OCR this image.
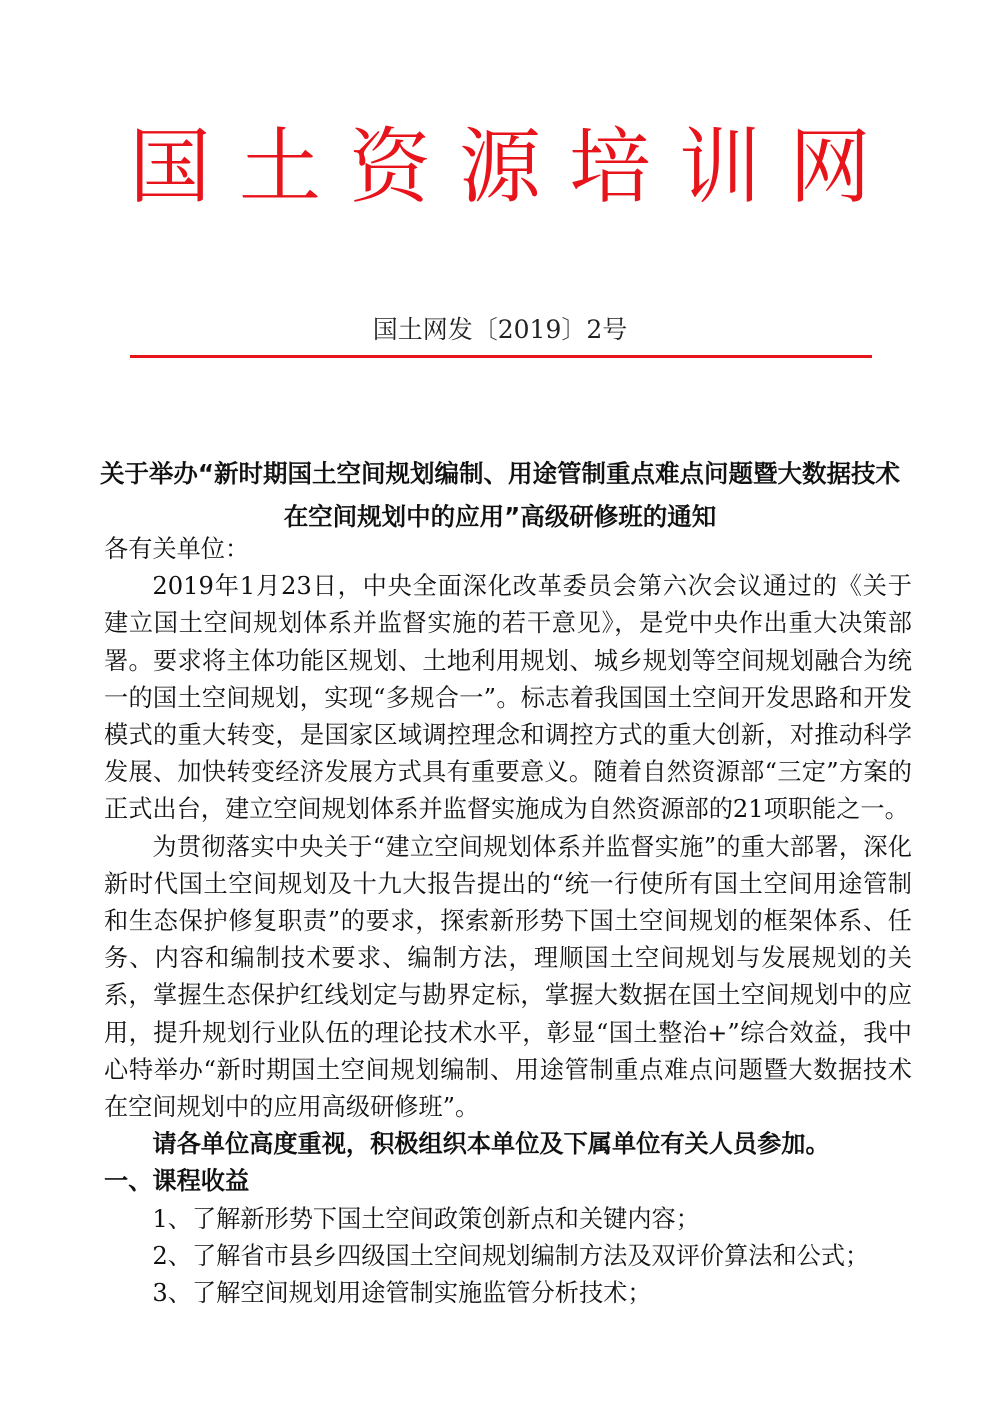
国土资源培训网
国土网发〔2019〕2号
关于举办“新时期国土空间规划编制、用途管制重点难点问题暨大数据技术在空间规划中的应用”高级研修班的通知

各有关单位：

2019年1月23日，中央全面深化改革委员会第六次会议通过的《关于建立国土空间规划体系并监督实施的若干意见》，是党中央作出重大决策部署。要求将主体功能区规划、土地利用规划、城乡规划等空间规划融合为统一的国土空间规划，实现“多规合一”。标志着我国国土空间开发思路和开发模式的重大转变，是国家区域调控理念和调控方式的重大创新，对推动科学发展、加快转变经济发展方式具有重要意义。随着自然资源部“三定”方案的正式出台，建立空间规划体系并监督实施成为自然资源部的21项职能之一。

为贯彻落实中央关于“建立空间规划体系并监督实施”的重大部署，深化新时代国土空间规划及十九大报告提出的“统一行使所有国土空间用途管制和生态保护修复职责”的要求，探索新形势下国土空间规划的框架体系、任务、内容和编制技术要求、编制方法，理顺国土空间规划与发展规划的关系，掌握生态保护红线划定与勘界定标，掌握大数据在国土空间规划中的应用，提升规划行业队伍的理论技术水平，彰显“国土整治+”综合效益，我中心特举办“新时期国土空间规划编制、用途管制重点难点问题暨大数据技术在空间规划中的应用高级研修班”。

请各单位高度重视，积极组织本单位及下属单位有关人员参加。

一、课程收益

1、了解新形势下国土空间政策创新点和关键内容；

2、了解省市县乡四级国土空间规划编制方法及双评价算法和公式；

3、了解空间规划用途管制实施监管分析技术；
